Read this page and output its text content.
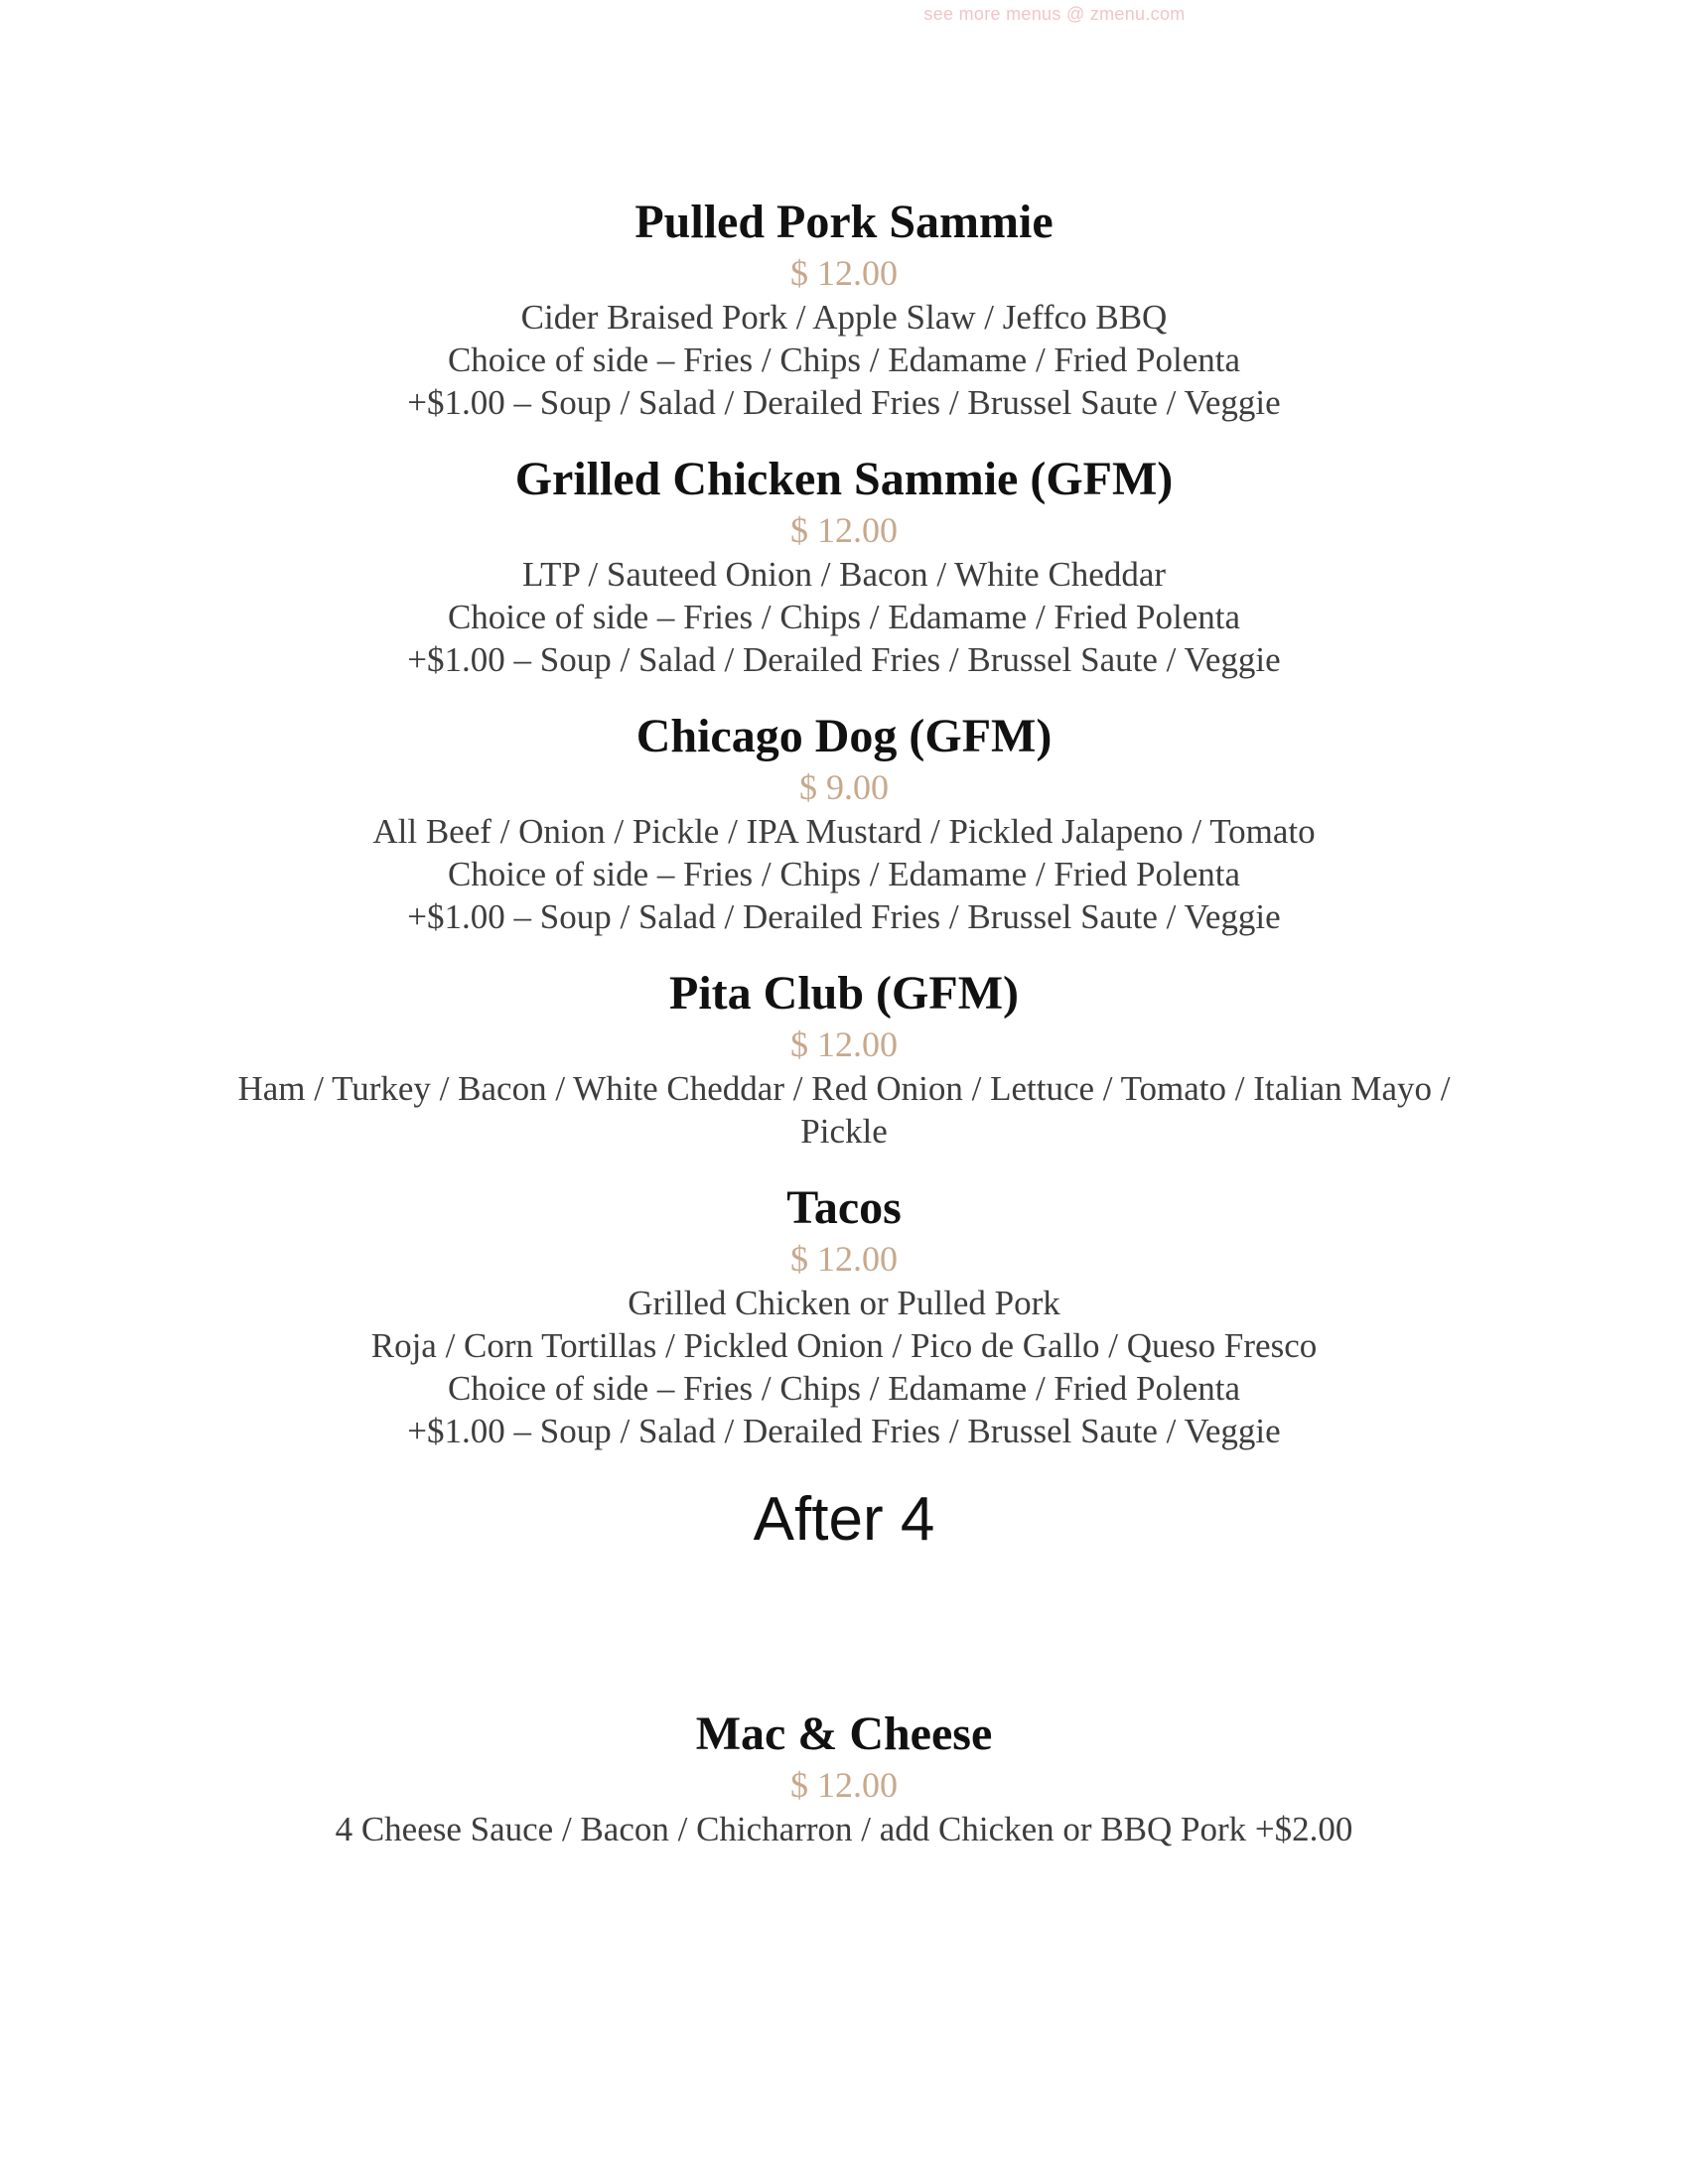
see more menus @ zmenu.com
Pulled Pork Sammie
$ 12.00
Cider Braised Pork / Apple Slaw / Jeffco BBQ
Choice of side – Fries / Chips / Edamame / Fried Polenta
+$1.00 – Soup / Salad / Derailed Fries / Brussel Saute / Veggie
Grilled Chicken Sammie (GFM)
$ 12.00
LTP / Sauteed Onion / Bacon / White Cheddar
Choice of side – Fries / Chips / Edamame / Fried Polenta
+$1.00 – Soup / Salad / Derailed Fries / Brussel Saute / Veggie
Chicago Dog (GFM)
$ 9.00
All Beef / Onion / Pickle / IPA Mustard / Pickled Jalapeno / Tomato
Choice of side – Fries / Chips / Edamame / Fried Polenta
+$1.00 – Soup / Salad / Derailed Fries / Brussel Saute / Veggie
Pita Club (GFM)
$ 12.00
Ham / Turkey / Bacon / White Cheddar / Red Onion / Lettuce / Tomato / Italian Mayo / Pickle
Tacos
$ 12.00
Grilled Chicken or Pulled Pork
Roja / Corn Tortillas / Pickled Onion / Pico de Gallo / Queso Fresco
Choice of side – Fries / Chips / Edamame / Fried Polenta
+$1.00 – Soup / Salad / Derailed Fries / Brussel Saute / Veggie
After 4
Mac & Cheese
$ 12.00
4 Cheese Sauce / Bacon / Chicharron / add Chicken or BBQ Pork +$2.00
